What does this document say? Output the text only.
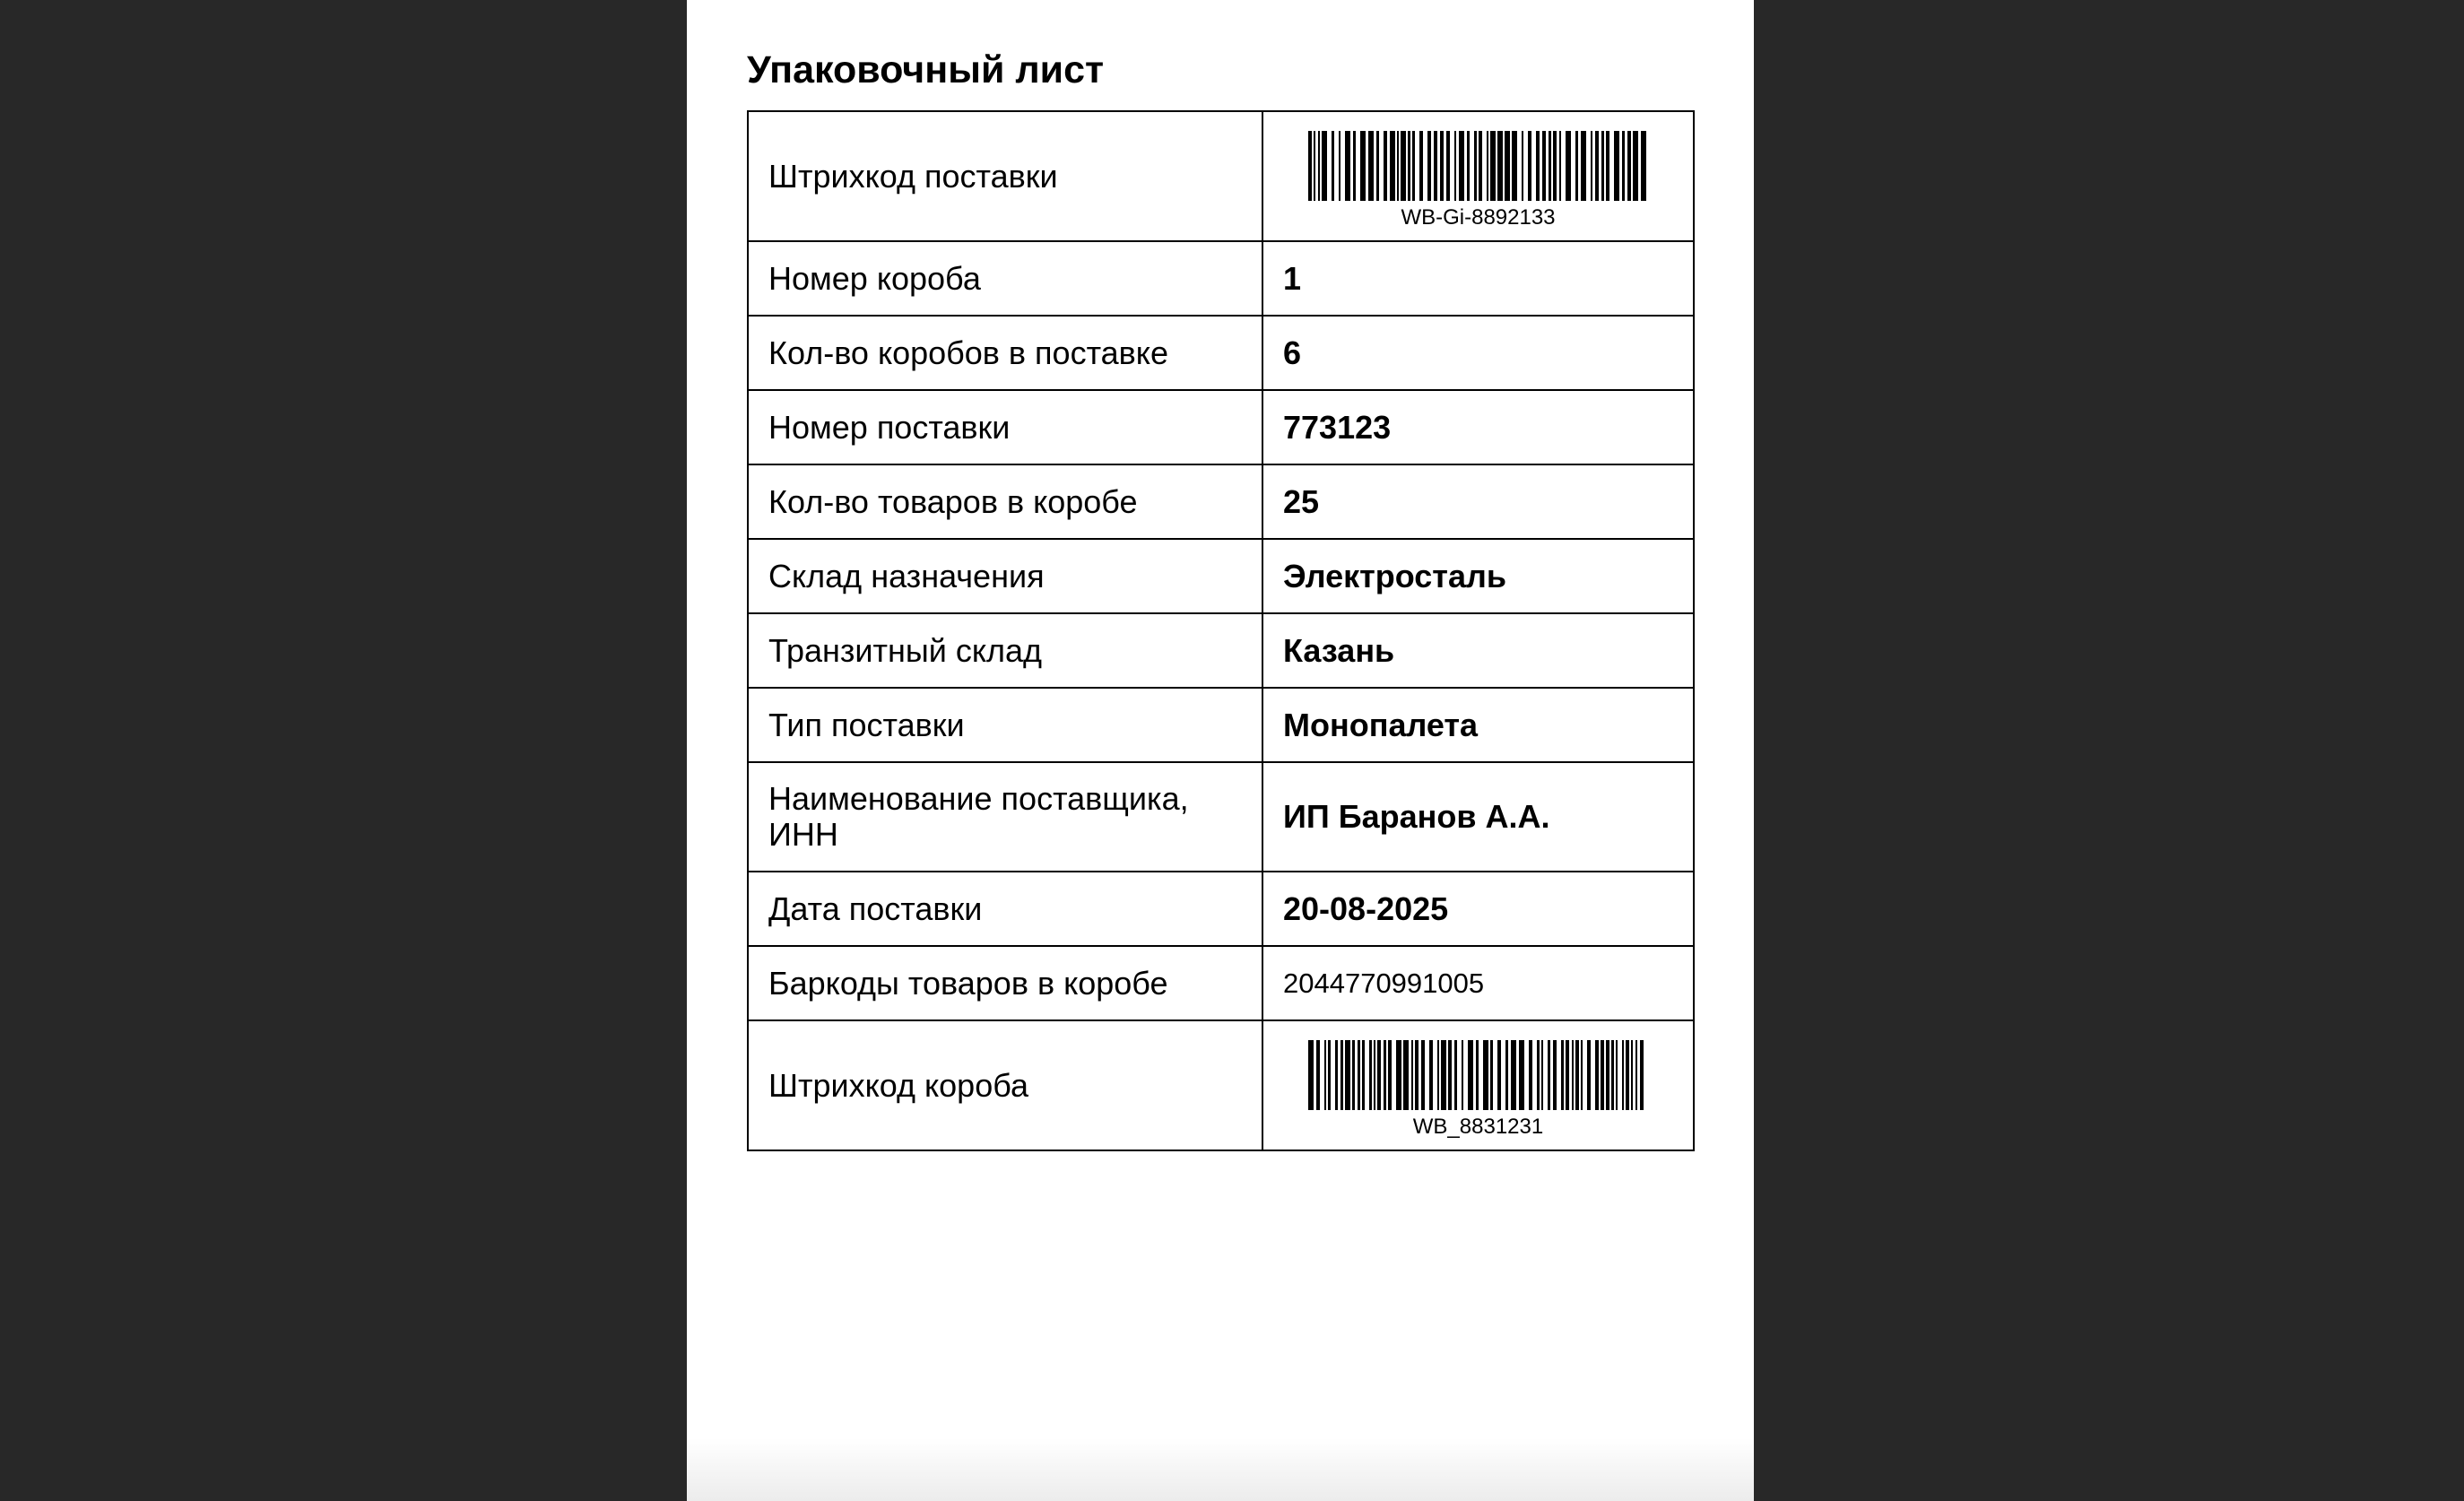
Упаковочный лист
Штрихкод поставки	WB-Gi-8892133

Номер короба	1
Кол-во коробов в поставке	6
Номер поставки	773123
Кол-во товаров в коробе	25
Склад назначения	Электросталь
Транзитный склад	Казань
Тип поставки	Монопалета
Наименование поставщика, ИНН	ИП Баранов А.А.
Дата поставки	20-08-2025
Баркоды товаров в коробе	2044770991005
Штрихкод короба	WB_8831231
